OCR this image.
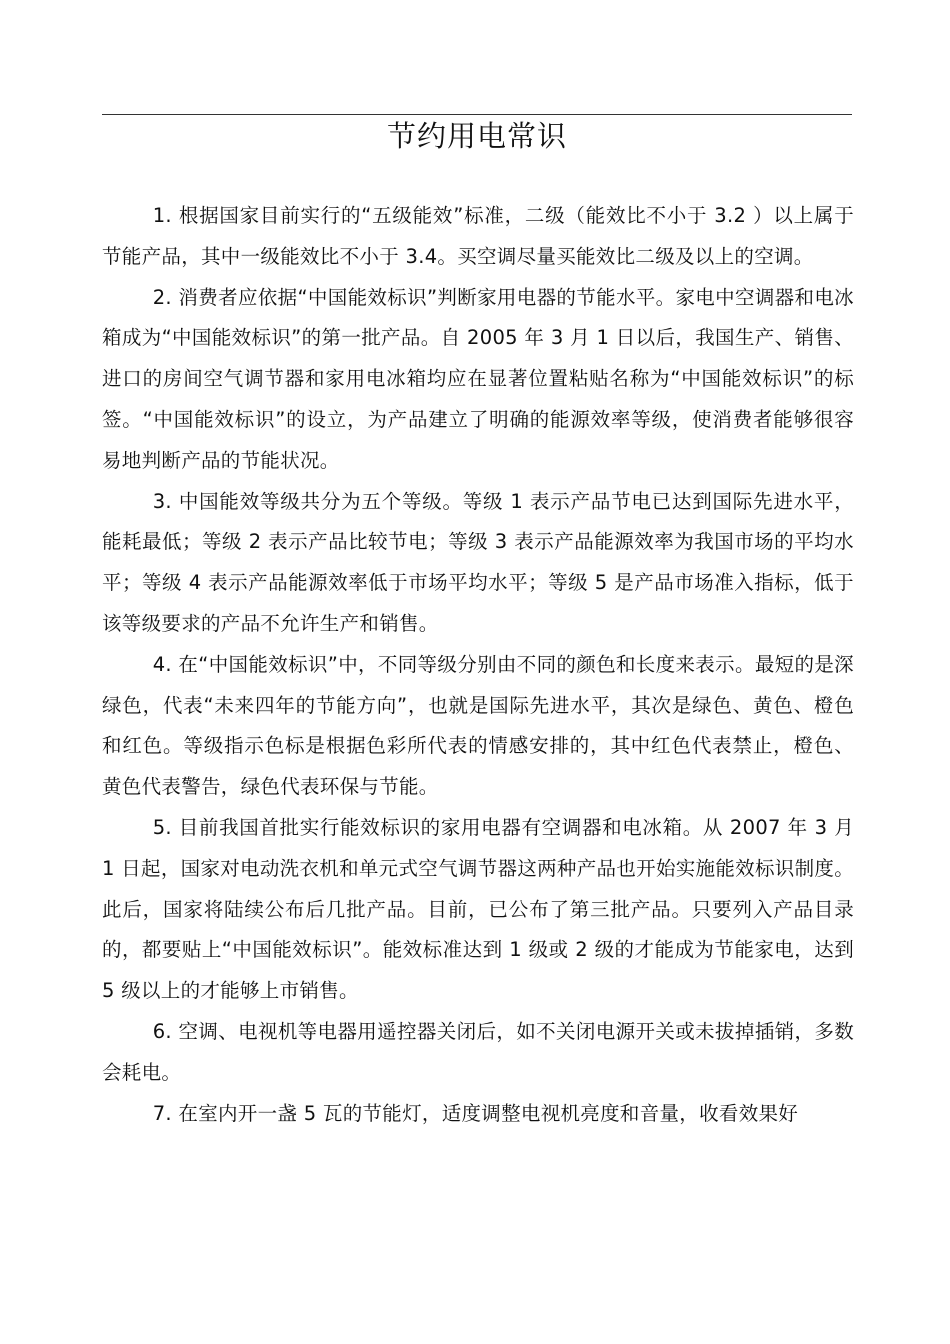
节约用电常识

1. 根据国家目前实行的“五级能效”标准，二级（能效比不小于 3.2 ）以上属于节能产品，其中一级能效比不小于 3.4。买空调尽量买能效比二级及以上的空调。

2. 消费者应依据“中国能效标识”判断家用电器的节能水平。家电中空调器和电冰箱成为“中国能效标识”的第一批产品。自 2005 年 3 月 1 日以后，我国生产、销售、进口的房间空气调节器和家用电冰箱均应在显著位置粘贴名称为“中国能效标识”的标签。“中国能效标识”的设立，为产品建立了明确的能源效率等级，使消费者能够很容易地判断产品的节能状况。

3. 中国能效等级共分为五个等级。等级 1 表示产品节电已达到国际先进水平，能耗最低；等级 2 表示产品比较节电；等级 3 表示产品能源效率为我国市场的平均水平；等级 4 表示产品能源效率低于市场平均水平；等级 5 是产品市场准入指标，低于该等级要求的产品不允许生产和销售。

4. 在“中国能效标识”中，不同等级分别由不同的颜色和长度来表示。最短的是深绿色，代表“未来四年的节能方向”，也就是国际先进水平，其次是绿色、黄色、橙色和红色。等级指示色标是根据色彩所代表的情感安排的，其中红色代表禁止，橙色、黄色代表警告，绿色代表环保与节能。

5. 目前我国首批实行能效标识的家用电器有空调器和电冰箱。从 2007 年 3 月 1 日起，国家对电动洗衣机和单元式空气调节器这两种产品也开始实施能效标识制度。此后，国家将陆续公布后几批产品。目前，已公布了第三批产品。只要列入产品目录的，都要贴上“中国能效标识”。能效标准达到 1 级或 2 级的才能成为节能家电，达到 5 级以上的才能够上市销售。

6. 空调、电视机等电器用遥控器关闭后，如不关闭电源开关或未拔掉插销，多数会耗电。

7. 在室内开一盏 5 瓦的节能灯，适度调整电视机亮度和音量，收看效果好
